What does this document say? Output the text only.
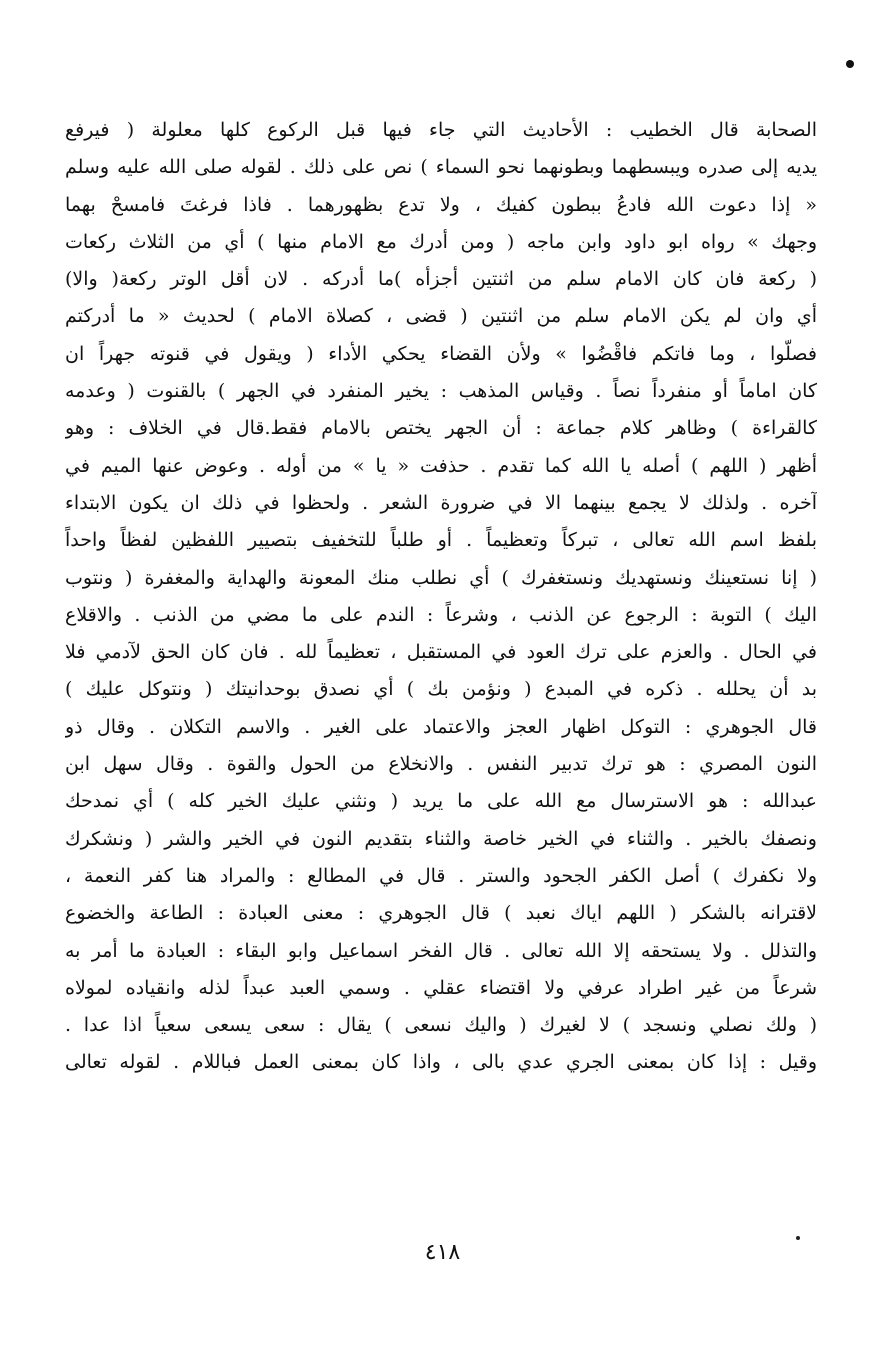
الصحابة قال الخطيب : الأحاديث التي جاء فيها قبل الركوع كلها معلولة ( فيرفع
يديه إلى صدره ويبسطهما وبطونهما نحو السماء ) نص على ذلك . لقوله صلى الله عليه وسلم
« إذا دعوت الله فادعُ ببطون كفيك ، ولا تدع بظهورهما . فاذا فرغتَ فامسحْ بهما
وجهك » رواه ابو داود وابن ماجه ( ومن أدرك مع الامام منها ) أي من الثلاث ركعات
( ركعة فان كان الامام سلم من اثنتين أجزأه )ما أدركه . لان أقل الوتر ركعة( والا)
أي وان لم يكن الامام سلم من اثنتين ( قضى ، كصلاة الامام ) لحديث « ما أدركتم
فصلّوا ، وما فاتكم فاقْضُوا » ولأن القضاء يحكي الأداء ( ويقول في قنوته جهراً ان
كان اماماً أو منفرداً نصاً . وقياس المذهب : يخير المنفرد في الجهر ) بالقنوت ( وعدمه
كالقراءة ) وظاهر كلام جماعة : أن الجهر يختص بالامام فقط.قال في الخلاف : وهو
أظهر ( اللهم ) أصله يا الله كما تقدم . حذفت « يا » من أوله . وعوض عنها الميم في
آخره . ولذلك لا يجمع بينهما الا في ضرورة الشعر . ولحظوا في ذلك ان يكون الابتداء
بلفظ اسم الله تعالى ، تبركاً وتعظيماً . أو طلباً للتخفيف بتصيير اللفظين لفظاً واحداً
( إنا نستعينك ونستهديك ونستغفرك ) أي نطلب منك المعونة والهداية والمغفرة ( ونتوب
اليك ) التوبة : الرجوع عن الذنب ، وشرعاً : الندم على ما مضي من الذنب . والاقلاع
في الحال . والعزم على ترك العود في المستقبل ، تعظيماً لله . فان كان الحق لآدمي فلا
بد أن يحلله . ذكره في المبدع ( ونؤمن بك ) أي نصدق بوحدانيتك ( ونتوكل عليك )
قال الجوهري : التوكل اظهار العجز والاعتماد على الغير . والاسم التكلان . وقال ذو
النون المصري : هو ترك تدبير النفس . والانخلاع من الحول والقوة . وقال سهل ابن
عبدالله : هو الاسترسال مع الله على ما يريد ( ونثني عليك الخير كله ) أي نمدحك
ونصفك بالخير . والثناء في الخير خاصة والثناء بتقديم النون في الخير والشر ( ونشكرك
ولا نكفرك ) أصل الكفر الجحود والستر . قال في المطالع : والمراد هنا كفر النعمة ،
لاقترانه بالشكر ( اللهم اياك نعبد ) قال الجوهري : معنى العبادة : الطاعة والخضوع
والتذلل . ولا يستحقه إلا الله تعالى . قال الفخر اسماعيل وابو البقاء : العبادة ما أمر به
شرعاً من غير اطراد عرفي ولا اقتضاء عقلي . وسمي العبد عبداً لذله وانقياده لمولاه
( ولك نصلي ونسجد ) لا لغيرك ( واليك نسعى ) يقال : سعى يسعى سعياً اذا عدا .
وقيل : إذا كان بمعنى الجري عدي بالى ، واذا كان بمعنى العمل فباللام . لقوله تعالى
٤١٨
